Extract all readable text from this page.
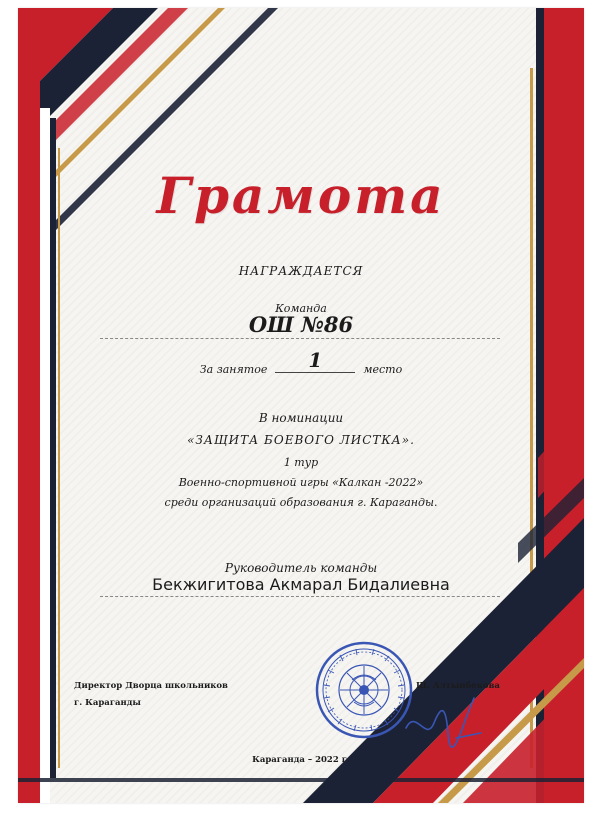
Грамота
НАГРАЖДАЕТСЯ
Команда
ОШ №86
За занятое	1	место
В номинации
«ЗАЩИТА БОЕВОГО ЛИСТКА».
1 тур
Военно-спортивной игры «Калкан -2022»
среди организаций образования г. Караганды.
Руководитель команды
Бекжигитова Акмарал Бидалиевна
Директор Дворца школьников
г. Караганды
Ш. Алтынбекова
Караганда – 2022 г.
